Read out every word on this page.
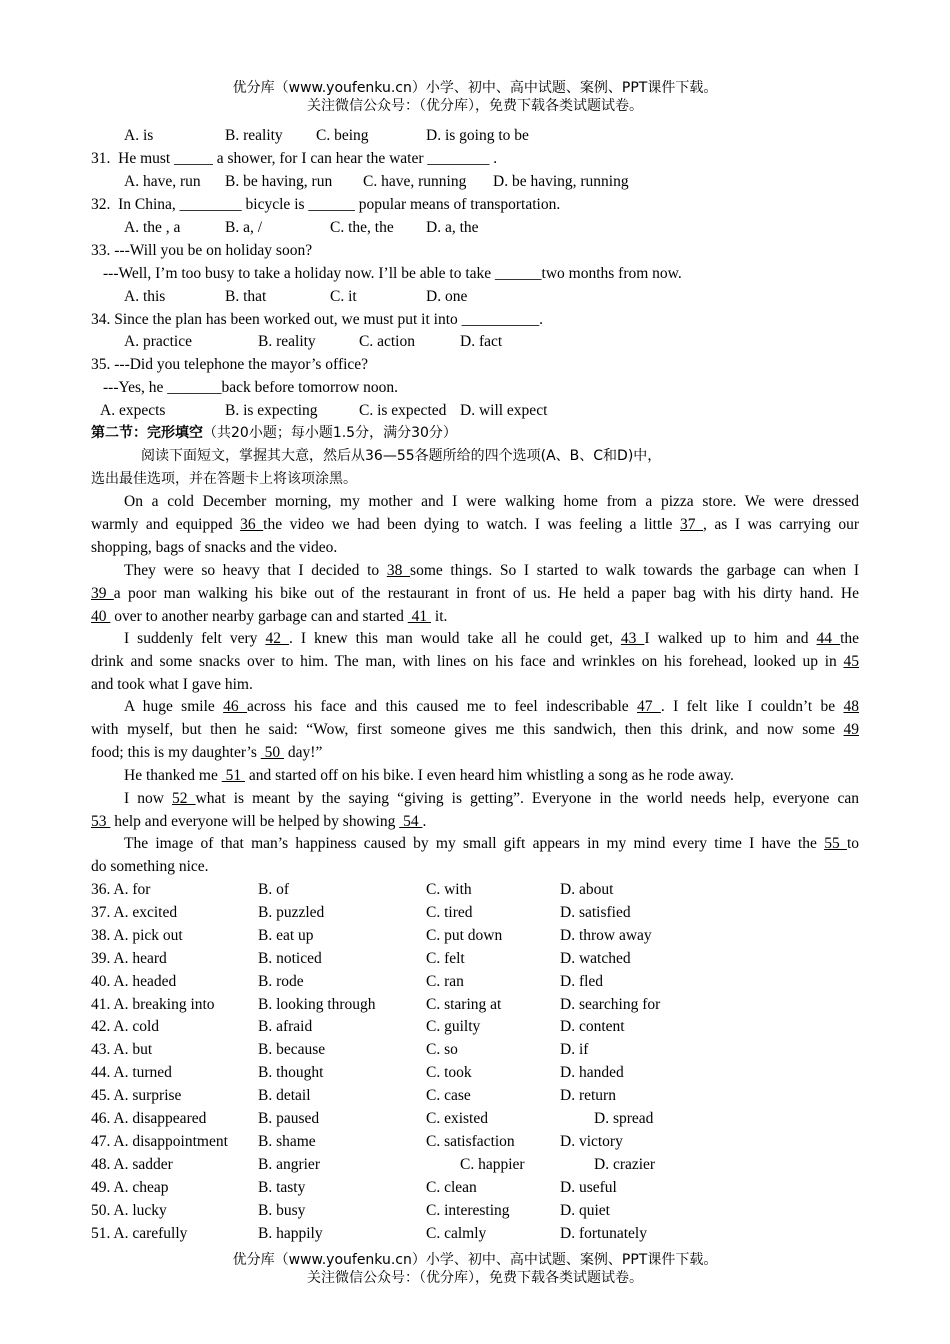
优分库（www.youfenku.cn）小学、初中、高中试题、案例、PPT课件下载。
关注微信公众号：（优分库），免费下载各类试题试卷。
A. is	B. reality C. being	D. is going to be
31.  He must _____ a shower, for I can hear the water ________ .
A. have, run B. be having, run C. have, running D. be having, running
32.  In China, ________ bicycle is ______ popular means of transportation.
A. the , a	B. a, /	C. the, the D. a, the
33. ---Will you be on holiday soon?
---Well, I’m too busy to take a holiday now. I’ll be able to take ______two months from now.
A. this	B. that	C. it	D. one
34. Since the plan has been worked out, we must put it into __________.
A. practice	B. reality	C. action	D. fact
35. ---Did you telephone the mayor’s office?
---Yes, he _______back before tomorrow noon.
A. expects	B. is expecting	C. is expected D. will expect
第二节：完形填空（共20小题；每小题1.5分，满分30分）
阅读下面短文，掌握其大意，然后从36—55各题所给的四个选项(A、B、C和D)中，
选出最佳选项，并在答题卡上将该项涂黑。
On a cold December morning, my mother and I were walking home from a pizza store. We were dressed
warmly and equipped 36 the video we had been dying to watch. I was feeling a little 37 , as I was carrying our
shopping, bags of snacks and the video.
They were so heavy that I decided to 38 some things. So I started to walk towards the garbage can when I
39 a poor man walking his bike out of the restaurant in front of us. He held a paper bag with his dirty hand. He
40  over to another nearby garbage can and started  41  it.
I suddenly felt very 42 . I knew this man would take all he could get, 43 I walked up to him and 44 the
drink and some snacks over to him. The man, with lines on his face and wrinkles on his forehead, looked up in 45
and took what I gave him.
A huge smile 46 across his face and this caused me to feel indescribable 47 . I felt like I couldn’t be 48
with myself, but then he said: “Wow, first someone gives me this sandwich, then this drink, and now some 49
food; this is my daughter’s  50  day!”
He thanked me  51  and started off on his bike. I even heard him whistling a song as he rode away.
I now 52 what is meant by the saying “giving is getting”. Everyone in the world needs help, everyone can
53  help and everyone will be helped by showing  54 .
The image of that man’s happiness caused by my small gift appears in my mind every time I have the 55 to
do something nice.
36. A. for	B. of	C. with	D. about
37. A. excited	B. puzzled	C. tired	D. satisfied
38. A. pick out	B. eat up	C. put down	D. throw away
39. A. heard	B. noticed	C. felt	D. watched
40. A. headed	B. rode	C. ran	D. fled
41. A. breaking into	B. looking through	C. staring at	D. searching for
42. A. cold	B. afraid	C. guilty	D. content
43. A. but	B. because	C. so	D. if
44. A. turned	B. thought	C. took	D. handed
45. A. surprise	B. detail	C. case	D. return
46. A. disappeared	B. paused	C. existed	D. spread
47. A. disappointment B. shame	C. satisfaction	D. victory
48. A. sadder	B. angrier	C. happier	D. crazier
49. A. cheap	B. tasty	C. clean	D. useful
50. A. lucky	B. busy	C. interesting	D. quiet
51. A. carefully	B. happily	C. calmly	D. fortunately
优分库（www.youfenku.cn）小学、初中、高中试题、案例、PPT课件下载。
关注微信公众号：（优分库），免费下载各类试题试卷。
